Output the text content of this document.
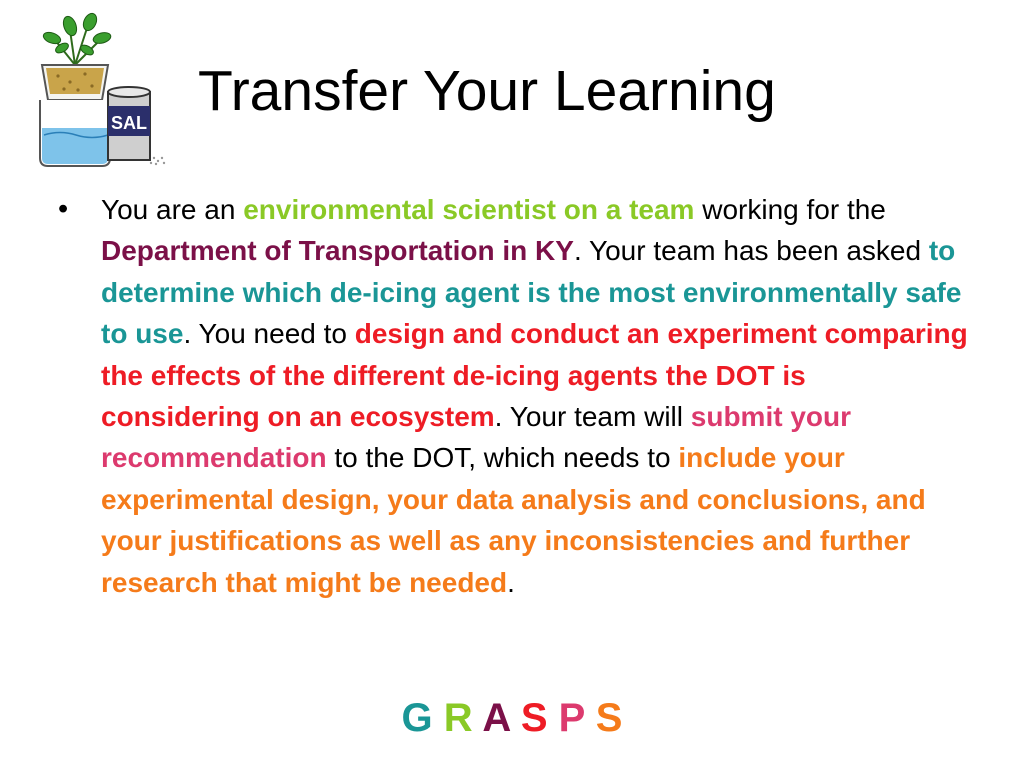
SAL Transfer Your Learning
• You are an environmental scientist on a team working for the Department of Transportation in KY. Your team has been asked to determine which de-icing agent is the most environmentally safe to use. You need to design and conduct an experiment comparing the effects of the different de-icing agents the DOT is considering on an ecosystem. Your team will submit your recommendation to the DOT, which needs to include your experimental design, your data analysis and conclusions, and your justifications as well as any inconsistencies and further research that might be needed.

G R A S P S
